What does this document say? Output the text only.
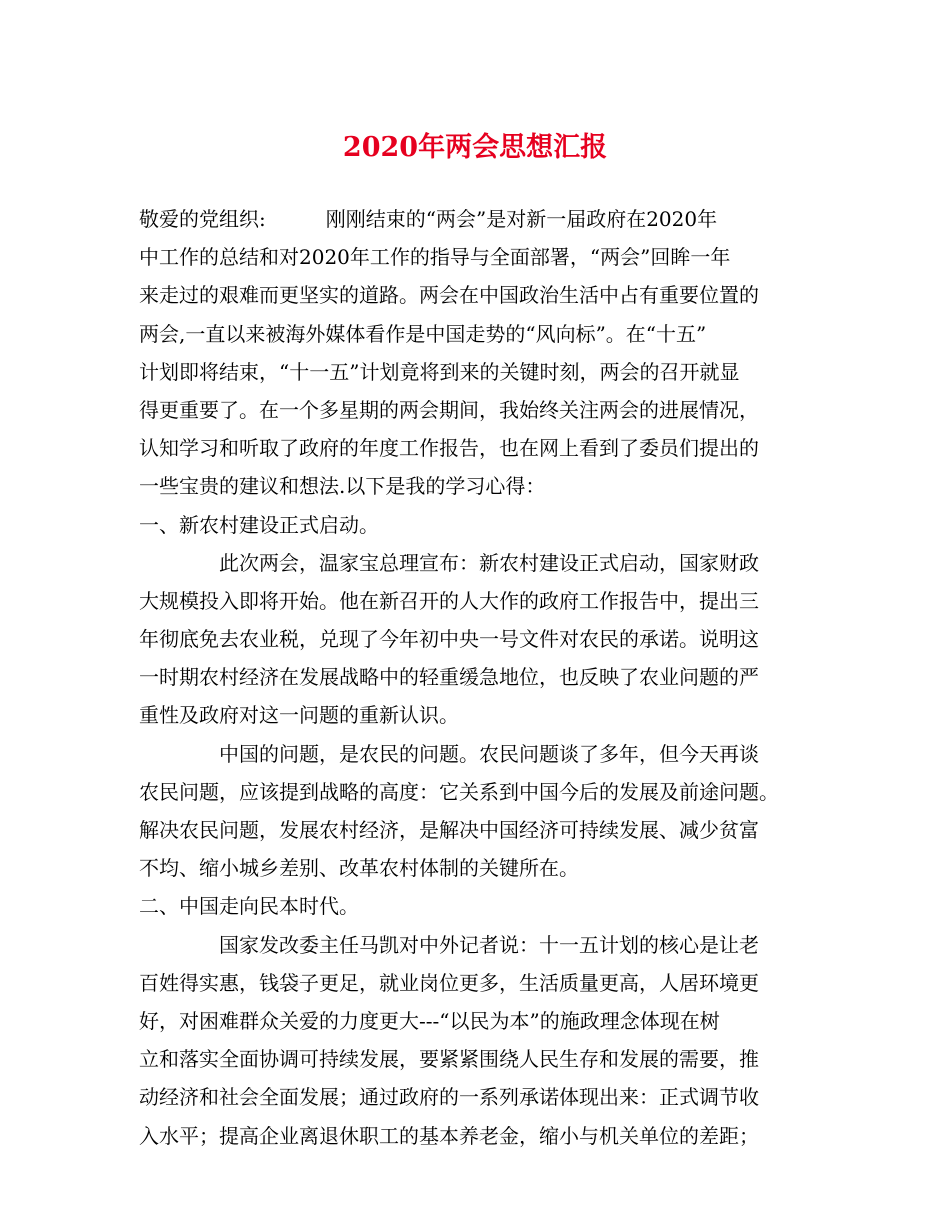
2020年两会思想汇报
敬爱的党组织:	刚刚结束的“两会”是对新一届政府在2020年
中工作的总结和对2020年工作的指导与全面部署，“两会”回眸一年
来走过的艰难而更坚实的道路。两会在中国政治生活中占有重要位置的
两会,一直以来被海外媒体看作是中国走势的“风向标”。在“十五”
计划即将结束，“十一五”计划竟将到来的关键时刻，两会的召开就显
得更重要了。在一个多星期的两会期间，我始终关注两会的进展情况，
认知学习和听取了政府的年度工作报告，也在网上看到了委员们提出的
一些宝贵的建议和想法.以下是我的学习心得：
一、新农村建设正式启动。
此次两会，温家宝总理宣布：新农村建设正式启动，国家财政
大规模投入即将开始。他在新召开的人大作的政府工作报告中，提出三
年彻底免去农业税，兑现了今年初中央一号文件对农民的承诺。说明这
一时期农村经济在发展战略中的轻重缓急地位，也反映了农业问题的严
重性及政府对这一问题的重新认识。
中国的问题，是农民的问题。农民问题谈了多年，但今天再谈
农民问题，应该提到战略的高度：它关系到中国今后的发展及前途问题。
解决农民问题，发展农村经济，是解决中国经济可持续发展、减少贫富
不均、缩小城乡差别、改革农村体制的关键所在。
二、中国走向民本时代。
国家发改委主任马凯对中外记者说：十一五计划的核心是让老
百姓得实惠，钱袋子更足，就业岗位更多，生活质量更高，人居环境更
好，对困难群众关爱的力度更大---“以民为本”的施政理念体现在树
立和落实全面协调可持续发展，要紧紧围绕人民生存和发展的需要，推
动经济和社会全面发展；通过政府的一系列承诺体现出来：正式调节收
入水平；提高企业离退休职工的基本养老金，缩小与机关单位的差距；
